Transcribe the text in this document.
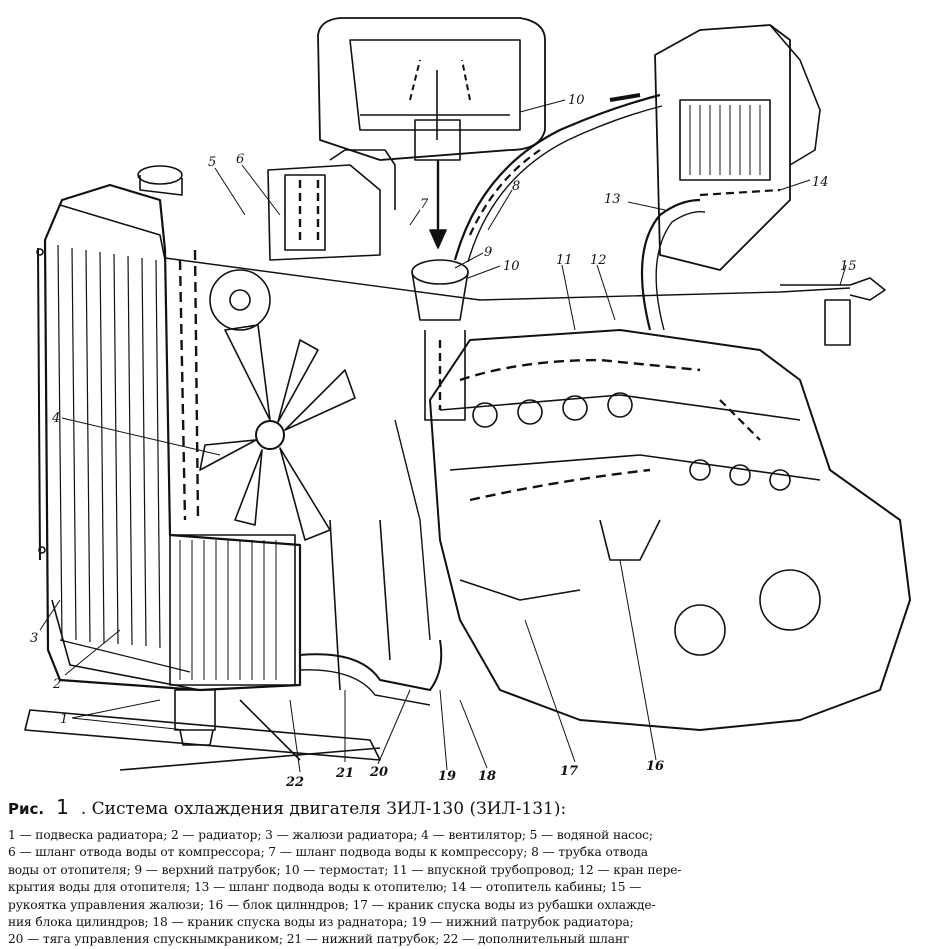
1
2
3
4
5 6
7
8
9
10
10	11 12
13
14
15
17	16
18
19
20
21
22
Рис. 1 . Система охлаждения двигателя ЗИЛ-130 (ЗИЛ-131):
1 — подвеска радиатора; 2 — радиатор; 3 — жалюзи радиатора; 4 — вентилятор; 5 — водяной насос;
6 — шланг отвода воды от компрессора; 7 — шланг подвода воды к компрессору; 8 — трубка отвода
воды от отопителя; 9 — верхний патрубок; 10 — термостат; 11 — впускной трубопровод; 12 — кран пере-
крытия воды для отопителя; 13 — шланг подвода воды к отопителю; 14 — отопитель кабины; 15 —
рукоятка управления жалюзи; 16 — блок цилнндров; 17 — краник спуска воды из рубашки охлажде-
ния блока цилиндров; 18 — краник спуска воды из раднатора; 19 — нижний патрубок радиатора;
20 — тяга управления спускнымкраником; 21 — нижний патрубок; 22 — дополнительный шланг
